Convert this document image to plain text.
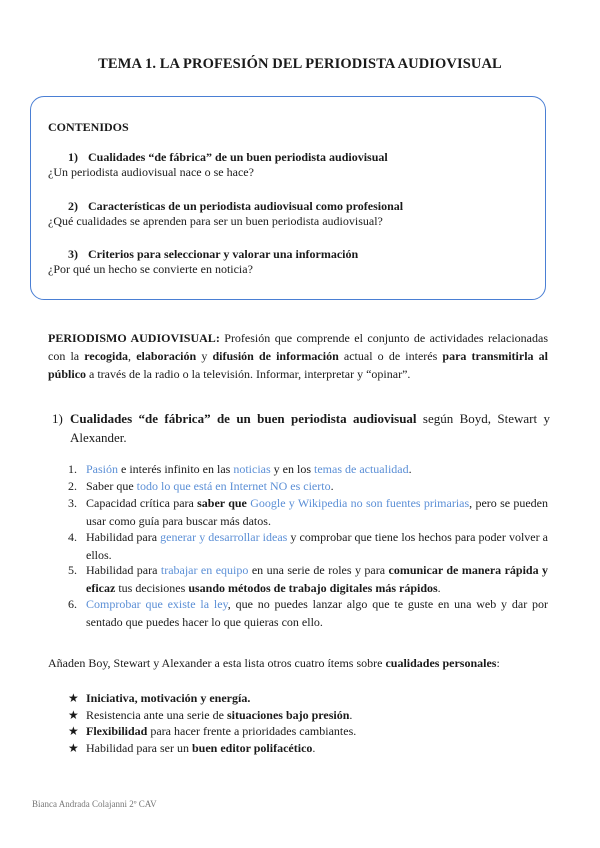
TEMA 1. LA PROFESIÓN DEL PERIODISTA AUDIOVISUAL
CONTENIDOS
1) Cualidades “de fábrica” de un buen periodista audiovisual
¿Un periodista audiovisual nace o se hace?
2) Características de un periodista audiovisual como profesional
¿Qué cualidades se aprenden para ser un buen periodista audiovisual?
3) Criterios para seleccionar y valorar una información
¿Por qué un hecho se convierte en noticia?
PERIODISMO AUDIOVISUAL: Profesión que comprende el conjunto de actividades relacionadas con la recogida, elaboración y difusión de información actual o de interés para transmitirla al público a través de la radio o la televisión. Informar, interpretar y “opinar”.
1) Cualidades “de fábrica” de un buen periodista audiovisual según Boyd, Stewart y Alexander.
1. Pasión e interés infinito en las noticias y en los temas de actualidad.
2. Saber que todo lo que está en Internet NO es cierto.
3. Capacidad crítica para saber que Google y Wikipedia no son fuentes primarias, pero se pueden usar como guía para buscar más datos.
4. Habilidad para generar y desarrollar ideas y comprobar que tiene los hechos para poder volver a ellos.
5. Habilidad para trabajar en equipo en una serie de roles y para comunicar de manera rápida y eficaz tus decisiones usando métodos de trabajo digitales más rápidos.
6. Comprobar que existe la ley, que no puedes lanzar algo que te guste en una web y dar por sentado que puedes hacer lo que quieras con ello.
Añaden Boy, Stewart y Alexander a esta lista otros cuatro ítems sobre cualidades personales:
★ Iniciativa, motivación y energía.
★ Resistencia ante una serie de situaciones bajo presión.
★ Flexibilidad para hacer frente a prioridades cambiantes.
★ Habilidad para ser un buen editor polifacético.
Bianca Andrada Colajanni 2º CAV
